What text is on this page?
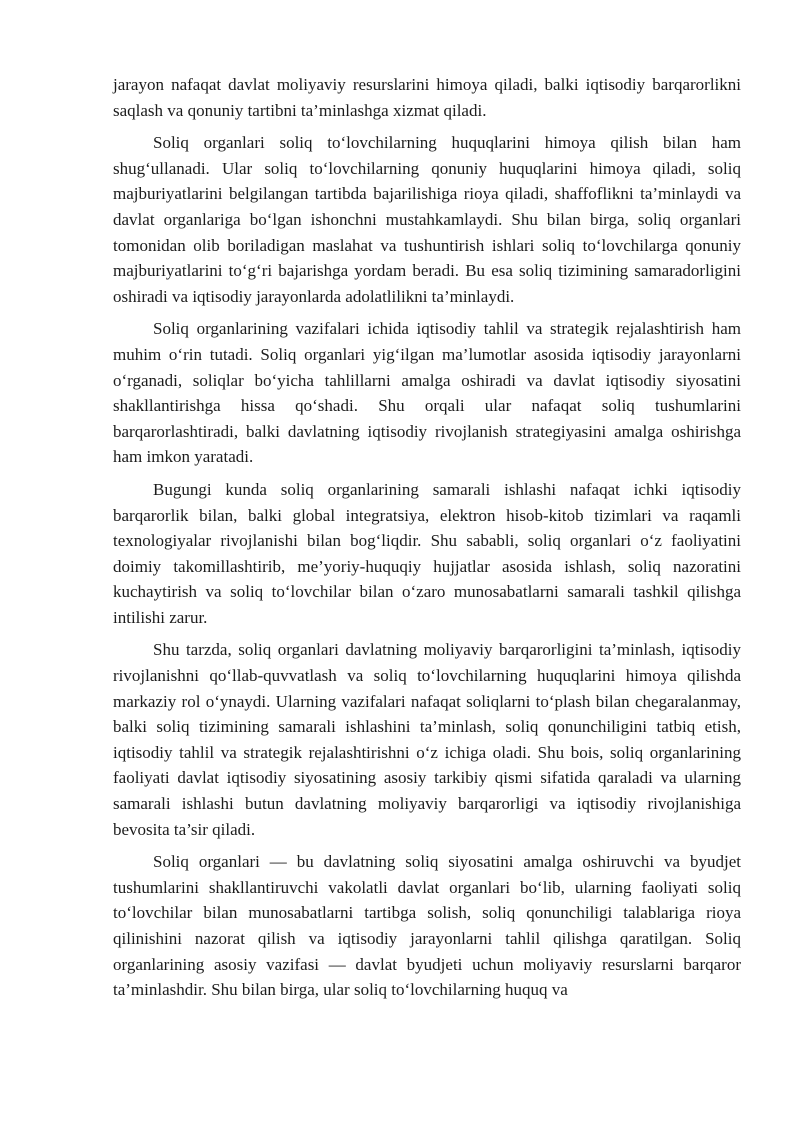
jarayon nafaqat davlat moliyaviy resurslarini himoya qiladi, balki iqtisodiy barqarorlikni saqlash va qonuniy tartibni ta’minlashga xizmat qiladi.

Soliq organlari soliq to‘lovchilarning huquqlarini himoya qilish bilan ham shug‘ullanadi. Ular soliq to‘lovchilarning qonuniy huquqlarini himoya qiladi, soliq majburiyatlarini belgilangan tartibda bajarilishiga rioya qiladi, shaffoflikni ta’minlaydi va davlat organlariga bo‘lgan ishonchni mustahkamlaydi. Shu bilan birga, soliq organlari tomonidan olib boriladigan maslahat va tushuntirish ishlari soliq to‘lovchilarga qonuniy majburiyatlarini to‘g‘ri bajarishga yordam beradi. Bu esa soliq tizimining samaradorligini oshiradi va iqtisodiy jarayonlarda adolatlilikni ta’minlaydi.

Soliq organlarining vazifalari ichida iqtisodiy tahlil va strategik rejalashtirish ham muhim o‘rin tutadi. Soliq organlari yig‘ilgan ma’lumotlar asosida iqtisodiy jarayonlarni o‘rganadi, soliqlar bo‘yicha tahlillarni amalga oshiradi va davlat iqtisodiy siyosatini shakllantirishga hissa qo‘shadi. Shu orqali ular nafaqat soliq tushumlarini barqarorlashtiradi, balki davlatning iqtisodiy rivojlanish strategiyasini amalga oshirishga ham imkon yaratadi.

Bugungi kunda soliq organlarining samarali ishlashi nafaqat ichki iqtisodiy barqarorlik bilan, balki global integratsiya, elektron hisob-kitob tizimlari va raqamli texnologiyalar rivojlanishi bilan bog‘liqdir. Shu sababli, soliq organlari o‘z faoliyatini doimiy takomillashtirib, me’yoriy-huquqiy hujjatlar asosida ishlash, soliq nazoratini kuchaytirish va soliq to‘lovchilar bilan o‘zaro munosabatlarni samarali tashkil qilishga intilishi zarur.

Shu tarzda, soliq organlari davlatning moliyaviy barqarorligini ta’minlash, iqtisodiy rivojlanishni qo‘llab-quvvatlash va soliq to‘lovchilarning huquqlarini himoya qilishda markaziy rol o‘ynaydi. Ularning vazifalari nafaqat soliqlarni to‘plash bilan chegaralanmay, balki soliq tizimining samarali ishlashini ta’minlash, soliq qonunchiligini tatbiq etish, iqtisodiy tahlil va strategik rejalashtirishni o‘z ichiga oladi. Shu bois, soliq organlarining faoliyati davlat iqtisodiy siyosatining asosiy tarkibiy qismi sifatida qaraladi va ularning samarali ishlashi butun davlatning moliyaviy barqarorligi va iqtisodiy rivojlanishiga bevosita ta’sir qiladi.

Soliq organlari — bu davlatning soliq siyosatini amalga oshiruvchi va byudjet tushumlarini shakllantiruvchi vakolatli davlat organlari bo‘lib, ularning faoliyati soliq to‘lovchilar bilan munosabatlarni tartibga solish, soliq qonunchiligi talablariga rioya qilinishini nazorat qilish va iqtisodiy jarayonlarni tahlil qilishga qaratilgan. Soliq organlarining asosiy vazifasi — davlat byudjeti uchun moliyaviy resurslarni barqaror ta’minlashdir. Shu bilan birga, ular soliq to‘lovchilarning huquq va
